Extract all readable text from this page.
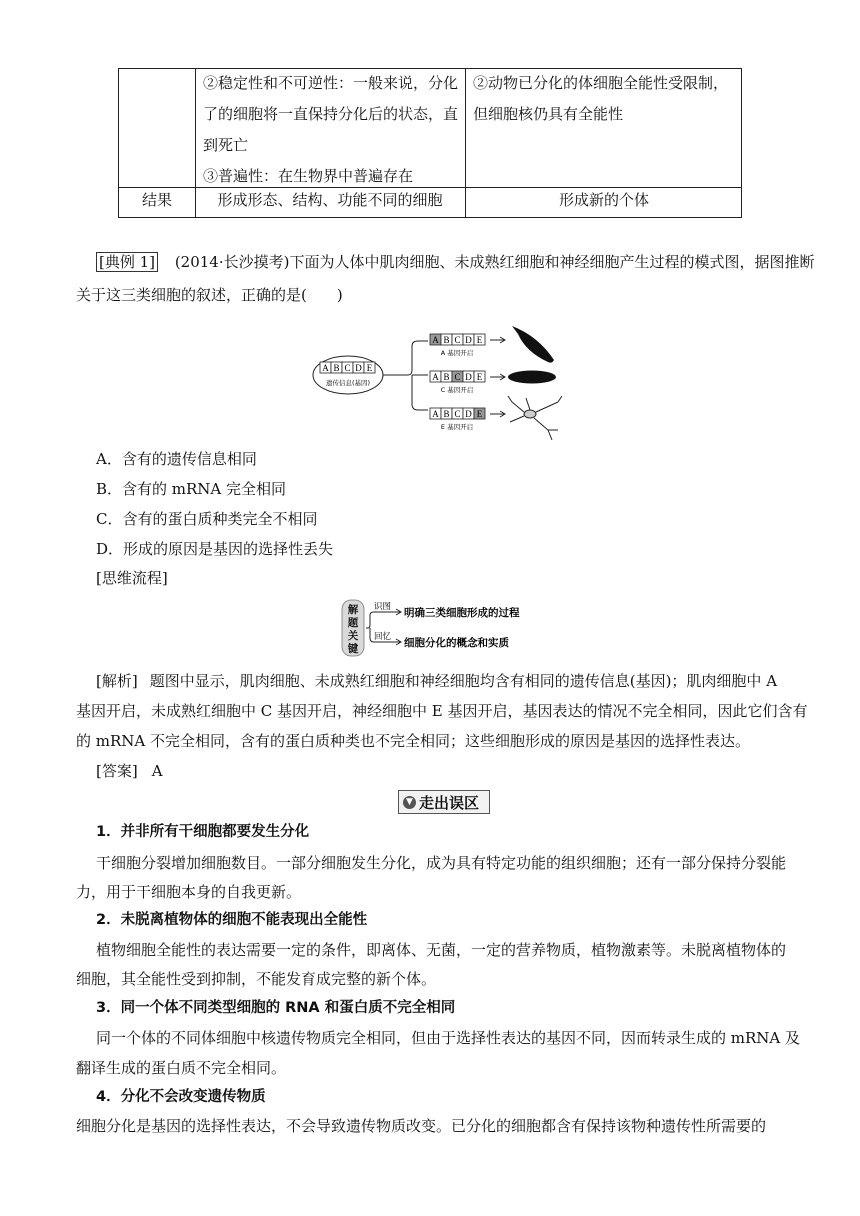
②稳定性和不可逆性：一般来说，分化
了的细胞将一直保持分化后的状态，直
到死亡
③普遍性：在生物界中普遍存在
②动物已分化的体细胞全能性受限制，
但细胞核仍具有全能性
结果	形成形态、结构、功能不同的细胞	形成新的个体
[典例 1] (2014·长沙摸考)下面为人体中肌肉细胞、未成熟红细胞和神经细胞产生过程的模式图，据图推断
关于这三类细胞的叙述，正确的是(　　)
A B C D E
遗传信息(基因)
A B C D E
A 基因开启
A B C D E
C 基因开启
A B C D E
E 基因开启
A．含有的遗传信息相同
B．含有的 mRNA 完全相同
C．含有的蛋白质种类完全不相同
D．形成的原因是基因的选择性丢失
[思维流程]
解
题
关
键
识图
回忆
明确三类细胞形成的过程
细胞分化的概念和实质
[解析] 题图中显示，肌肉细胞、未成熟红细胞和神经细胞均含有相同的遗传信息(基因)；肌肉细胞中 A
基因开启，未成熟红细胞中 C 基因开启，神经细胞中 E 基因开启，基因表达的情况不完全相同，因此它们含有
的 mRNA 不完全相同，含有的蛋白质种类也不完全相同；这些细胞形成的原因是基因的选择性表达。
[答案] A
▼ 走出误区
1．并非所有干细胞都要发生分化
干细胞分裂增加细胞数目。一部分细胞发生分化，成为具有特定功能的组织细胞；还有一部分保持分裂能
力，用于干细胞本身的自我更新。
2．未脱离植物体的细胞不能表现出全能性
植物细胞全能性的表达需要一定的条件，即离体、无菌，一定的营养物质，植物激素等。未脱离植物体的
细胞，其全能性受到抑制，不能发育成完整的新个体。
3．同一个体不同类型细胞的 RNA 和蛋白质不完全相同
同一个体的不同体细胞中核遗传物质完全相同，但由于选择性表达的基因不同，因而转录生成的 mRNA 及
翻译生成的蛋白质不完全相同。
4．分化不会改变遗传物质
细胞分化是基因的选择性表达，不会导致遗传物质改变。已分化的细胞都含有保持该物种遗传性所需要的
